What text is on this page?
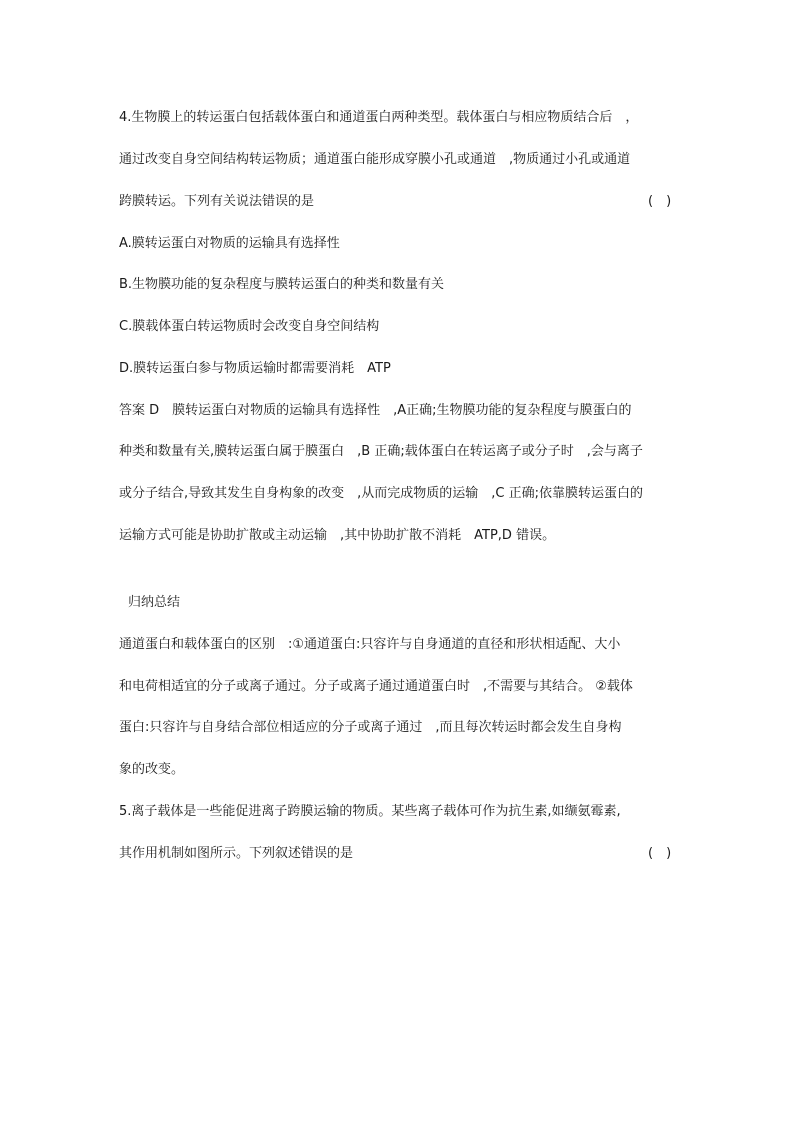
4.生物膜上的转运蛋白包括载体蛋白和通道蛋白两种类型。载体蛋白与相应物质结合后　，
通过改变自身空间结构转运物质；通道蛋白能形成穿膜小孔或通道　,物质通过小孔或通道
跨膜转运。下列有关说法错误的是	(　)
A.膜转运蛋白对物质的运输具有选择性
B.生物膜功能的复杂程度与膜转运蛋白的种类和数量有关
C.膜载体蛋白转运物质时会改变自身空间结构
D.膜转运蛋白参与物质运输时都需要消耗　ATP
答案 D　膜转运蛋白对物质的运输具有选择性　,A正确;生物膜功能的复杂程度与膜蛋白的
种类和数量有关,膜转运蛋白属于膜蛋白　,B 正确;载体蛋白在转运离子或分子时　,会与离子
或分子结合,导致其发生自身构象的改变　,从而完成物质的运输　,C 正确;依靠膜转运蛋白的
运输方式可能是协助扩散或主动运输　,其中协助扩散不消耗　ATP,D 错误。
归纳总结
通道蛋白和载体蛋白的区别　:①通道蛋白:只容许与自身通道的直径和形状相适配、大小
和电荷相适宜的分子或离子通过。分子或离子通过通道蛋白时　,不需要与其结合。 ②载体
蛋白:只容许与自身结合部位相适应的分子或离子通过　,而且每次转运时都会发生自身构
象的改变。
5.离子载体是一些能促进离子跨膜运输的物质。某些离子载体可作为抗生素,如缬氨霉素,
其作用机制如图所示。下列叙述错误的是	(　)
